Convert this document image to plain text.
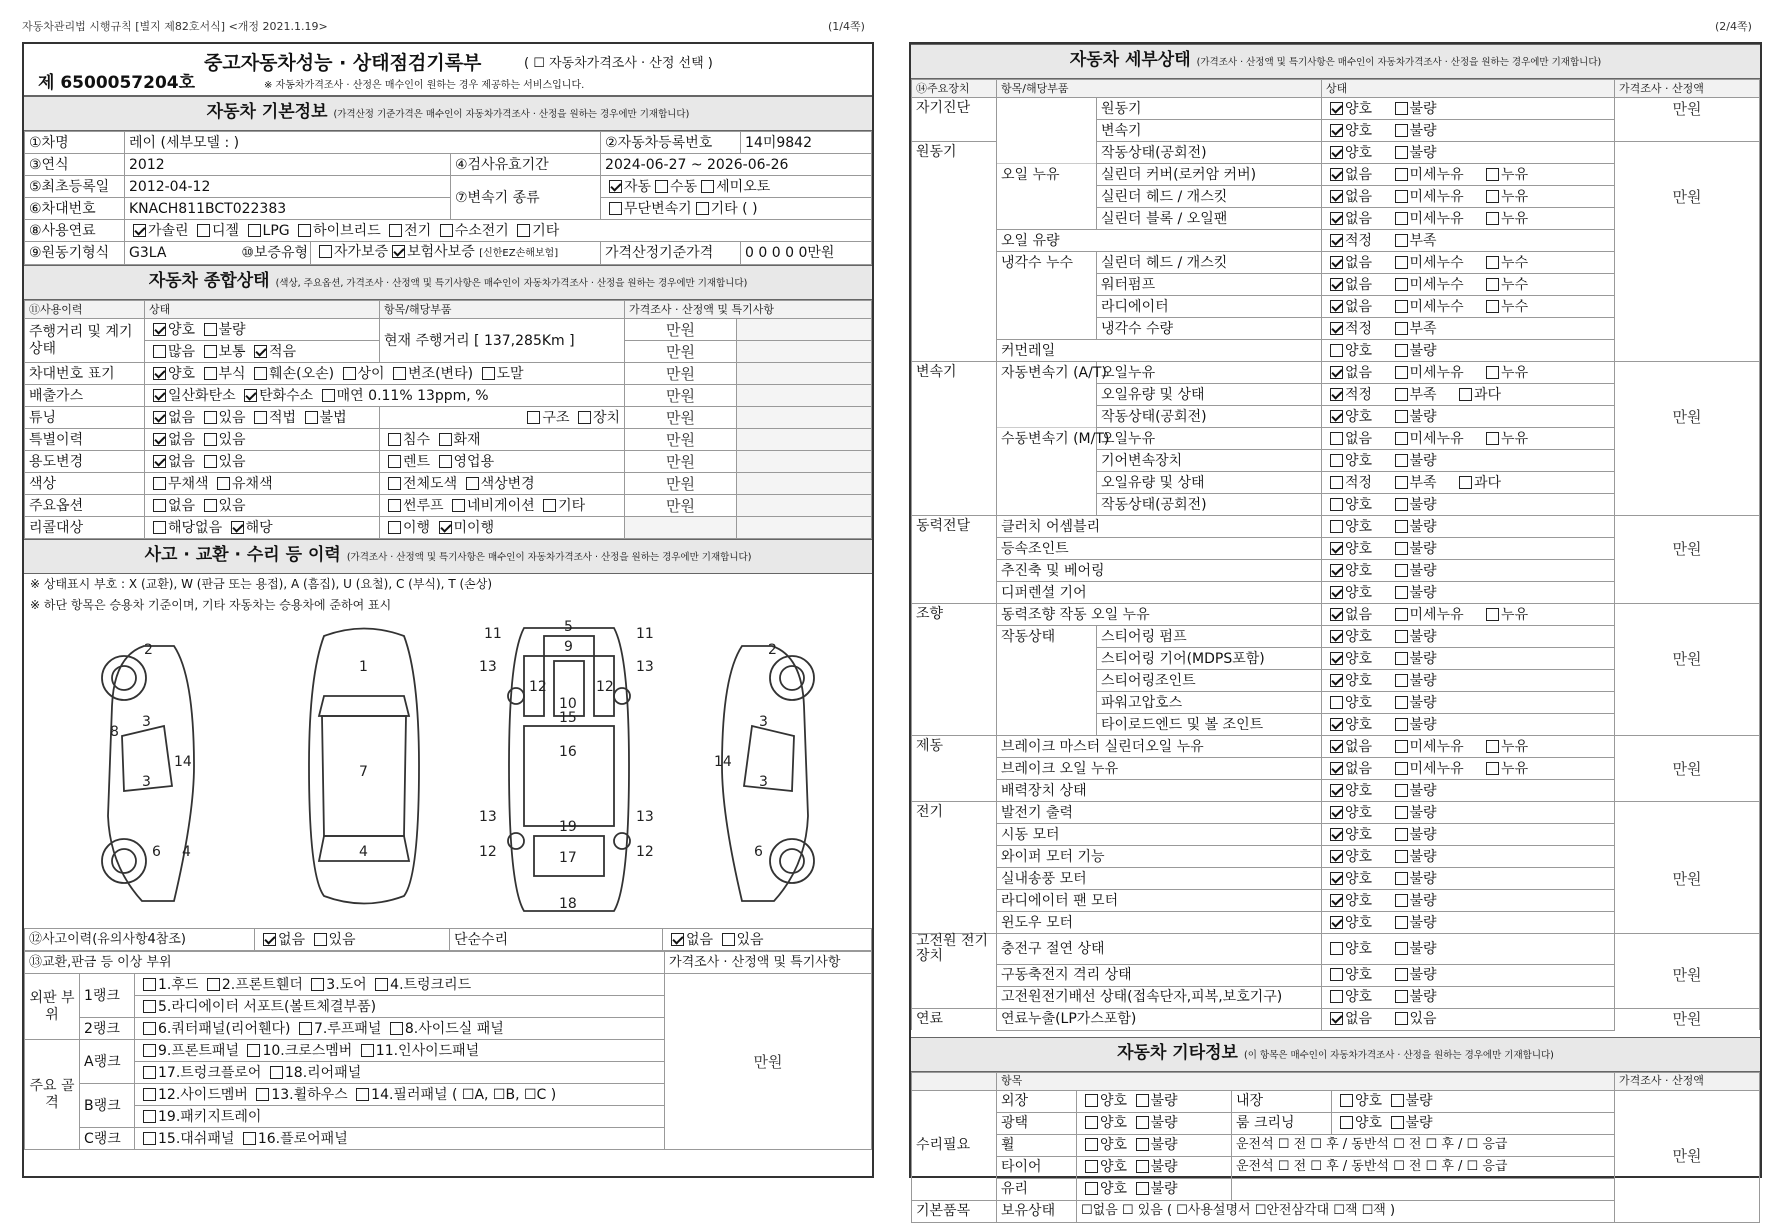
자동차관리법 시행규칙 [별지 제82호서식] <개정 2021.1.19>	(1/4쪽)	(2/4쪽)
중고자동차성능 · 상태점검기록부	( ☐ 자동차가격조사 · 산정 선택 )
제 6500057204호	※ 자동차가격조사 · 산정은 매수인이 원하는 경우 제공하는 서비스입니다.
자동차 기본정보 (가격산정 기준가격은 매수인이 자동차가격조사 · 산정을 원하는 경우에만 기재합니다)
①차명	레이 (세부모델 : )			②자동차등록번호	14미9842
③연식	2012		④검사유효기간	2024-06-27 ~ 2026-06-26	
⑤최초등록일	2012-04-12		⑦변속기 종류	자동 수동 세미오토	
⑥차대번호	KNACH811BCT022383			무단변속기 기타 ( )	
⑧사용연료	가솔린 디젤 LPG 하이브리드 전기 수소전기 기타				
⑨원동기형식	G3LA ⑩보증유형	자가보증 보험사보증 [신한EZ손해보험]		가격산정기준가격	0 0 0 0 0만원
자동차 종합상태 (색상, 주요옵션, 가격조사 · 산정액 및 특기사항은 매수인이 자동차가격조사 · 산정을 원하는 경우에만 기재합니다)
⑪사용이력	상태	항목/해당부품	가격조사 · 산정액 및 특기사항	
주행거리 및 계기상태	양호 불량	현재 주행거리 [ 137,285Km ]	만원	
	많음 보통 적음		만원	
차대번호 표기	양호 부식 훼손(오손) 상이 변조(변타) 도말		만원	
배출가스	일산화탄소 탄화수소 매연 0.11% 13ppm, %		만원	
튜닝	없음 있음 적법 불법	구조 장치	만원	
특별이력	없음 있음	침수 화재	만원	
용도변경	없음 있음	렌트 영업용	만원	
색상	무채색 유채색	전체도색 색상변경	만원	
주요옵션	없음 있음	썬루프 네비게이션 기타	만원	
리콜대상	해당없음 해당	이행 미이행		
사고 · 교환 · 수리 등 이력 (가격조사 · 산정액 및 특기사항은 매수인이 자동차가격조사 · 산정을 원하는 경우에만 기재합니다)
※ 상태표시 부호 : X (교환), W (판금 또는 용접), A (흠집), U (요철), C (부식), T (손상)
※ 하단 항목은 승용차 기준이며, 기타 자동차는 승용차에 준하여 표시
2
8
3
3
14
6 4
1
7
4
5
9
11	11
13	13
12	12
10
15
16
13	13
19
12	12
17
18
2
3
3
14
6
⑫사고이력(유의사항4참조)	없음 있음	단순수리	없음 있음
⑬교환,판금 등 이상 부위			가격조사 · 산정액 및 특기사항
외판 부위	1랭크	1.후드 2.프론트휀더 3.도어 4.트렁크리드	만원
		5.라디에이터 서포트(볼트체결부품)	
	2랭크	6.쿼터패널(리어휀다) 7.루프패널 8.사이드실 패널	
주요 골격	A랭크	9.프론트패널 10.크로스멤버 11.인사이드패널	
		17.트렁크플로어 18.리어패널	
	B랭크	12.사이드멤버 13.휠하우스 14.필러패널 ( ☐A, ☐B, ☐C )	
		19.패키지트레이	
	C랭크	15.대쉬패널 16.플로어패널	
자동차 세부상태 (가격조사 · 산정액 및 특기사항은 매수인이 자동차가격조사 · 산정을 원하는 경우에만 기재합니다)
⑭주요장치	항목/해당부품		상태	가격조사 · 산정액
자기진단		원동기	양호 불량	만원
		변속기	양호 불량	
원동기		작동상태(공회전)	양호 불량	
	오일 누유	실린더 커버(로커암 커버)	없음 미세누유 누유	
		실린더 헤드 / 개스킷	없음 미세누유 누유	만원
		실린더 블록 / 오일팬	없음 미세누유 누유	
	오일 유량		적정 부족	
	냉각수 누수	실린더 헤드 / 개스킷	없음 미세누수 누수	
		워터펌프	없음 미세누수 누수	
		라디에이터	없음 미세누수 누수	
		냉각수 수량	적정 부족	
	커먼레일		양호 불량	
변속기	자동변속기 (A/T)	오일누유	없음 미세누유 누유	
		오일유량 및 상태	적정 부족 과다	
		작동상태(공회전)	양호 불량	만원
	수동변속기 (M/T)	오일누유	없음 미세누유 누유	
		기어변속장치	양호 불량	
		오일유량 및 상태	적정 부족 과다	
		작동상태(공회전)	양호 불량	
동력전달	클러치 어셈블리		양호 불량	
	등속조인트		양호 불량	만원
	추진축 및 베어링		양호 불량	
	디퍼렌셜 기어		양호 불량	
조향	동력조향 작동 오일 누유		없음 미세누유 누유	
	작동상태	스티어링 펌프	양호 불량	
		스티어링 기어(MDPS포함)	양호 불량	만원
		스티어링조인트	양호 불량	
		파워고압호스	양호 불량	
		타이로드엔드 및 볼 조인트	양호 불량	
제동	브레이크 마스터 실린더오일 누유		없음 미세누유 누유	
	브레이크 오일 누유		없음 미세누유 누유	만원
	배력장치 상태		양호 불량	
전기	발전기 출력		양호 불량	
	시동 모터		양호 불량	
	와이퍼 모터 기능		양호 불량	
	실내송풍 모터		양호 불량	만원
	라디에이터 팬 모터		양호 불량	
	윈도우 모터		양호 불량	
고전원 전기장치	충전구 절연 상태		양호 불량	
	구동축전지 격리 상태		양호 불량	만원
	고전원전기배선 상태(접속단자,피복,보호기구)		양호 불량	
연료	연료누출(LP가스포함)		없음 있음	만원
자동차 기타정보 (이 항목은 매수인이 자동차가격조사 · 산정을 원하는 경우에만 기재합니다)
	항목				가격조사 · 산정액
수리필요	외장	양호 불량	내장	양호 불량	만원
	광택	양호 불량	룸 크리닝	양호 불량	
	휠	양호 불량	운전석 ☐ 전 ☐ 후 / 동반석 ☐ 전 ☐ 후 / ☐ 응급		
	타이어	양호 불량	운전석 ☐ 전 ☐ 후 / 동반석 ☐ 전 ☐ 후 / ☐ 응급		
	유리	양호 불량			
기본품목	보유상태	☐없음 ☐ 있음 ( ☐사용설명서 ☐안전삼각대 ☐잭 ☐잭 )			
